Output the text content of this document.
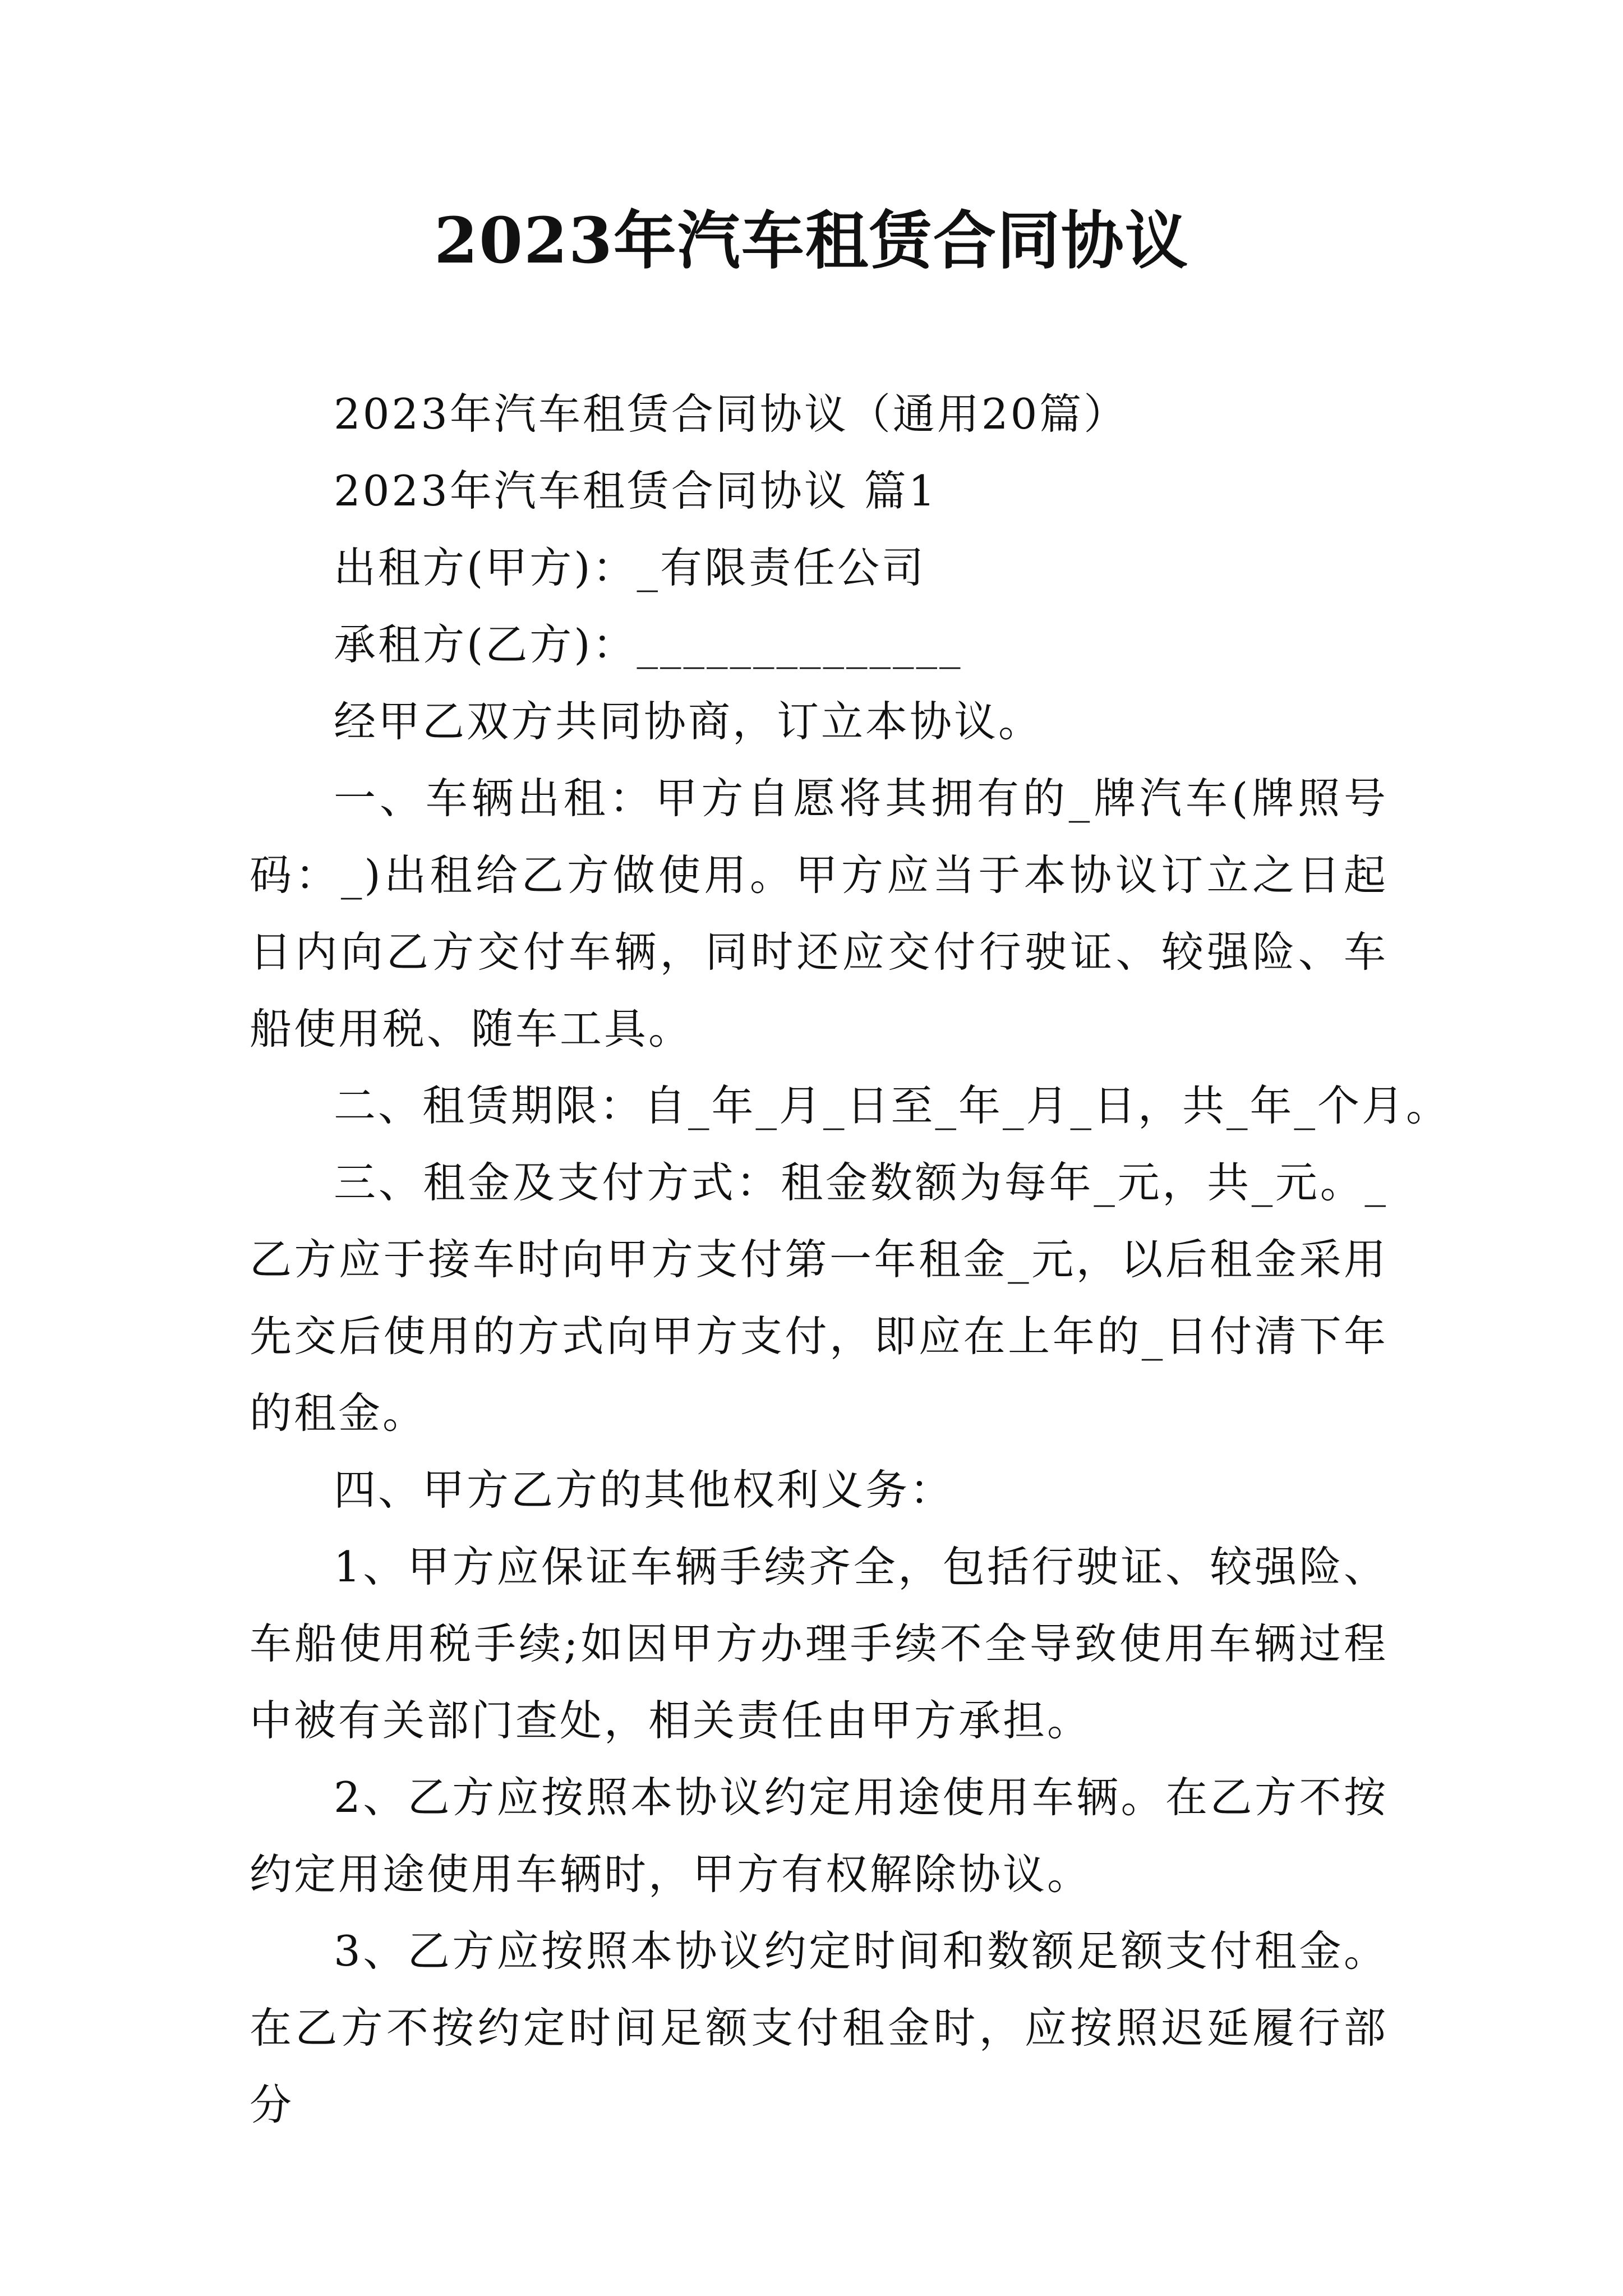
2023年汽车租赁合同协议

2023年汽车租赁合同协议（通用20篇）

2023年汽车租赁合同协议 篇1

出租方(甲方)：_有限责任公司

承租方(乙方)：______________

经甲乙双方共同协商，订立本协议。

一、车辆出租：甲方自愿将其拥有的_牌汽车(牌照号码：_)出租给乙方做使用。甲方应当于本协议订立之日起日内向乙方交付车辆，同时还应交付行驶证、较强险、车船使用税、随车工具。

二、租赁期限：自_年_月_日至_年_月_日，共_年_个月。

三、租金及支付方式：租金数额为每年_元，共_元。_乙方应于接车时向甲方支付第一年租金_元，以后租金采用先交后使用的方式向甲方支付，即应在上年的_日付清下年的租金。

四、甲方乙方的其他权利义务：

1、甲方应保证车辆手续齐全，包括行驶证、较强险、车船使用税手续;如因甲方办理手续不全导致使用车辆过程中被有关部门查处，相关责任由甲方承担。

2、乙方应按照本协议约定用途使用车辆。在乙方不按约定用途使用车辆时，甲方有权解除协议。

3、乙方应按照本协议约定时间和数额足额支付租金。在乙方不按约定时间足额支付租金时，应按照迟延履行部分
